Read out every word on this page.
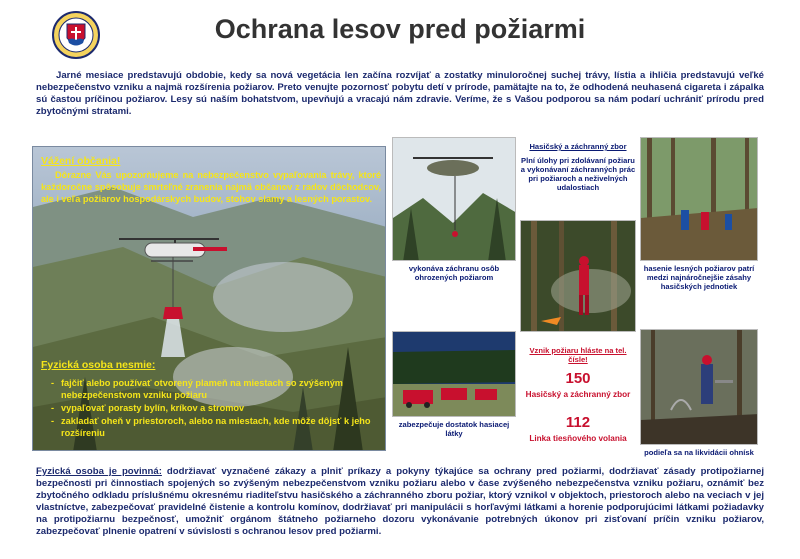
Ochrana lesov pred požiarmi

Jarné mesiace predstavujú obdobie, kedy sa nová vegetácia len začína rozvíjať a zostatky minuloročnej suchej trávy, lístia a ihličia predstavujú veľké nebezpečenstvo vzniku a najmä rozšírenia požiarov. Preto venujte pozornosť pobytu detí v prírode, pamätajte na to, že odhodená neuhasená cigareta i zápalka sú častou príčinou požiarov. Lesy sú naším bohatstvom, upevňujú a vracajú nám zdravie. Veríme, že s Vašou podporou sa nám podarí uchrániť prírodu pred zbytočnými stratami.

Vážení občania!

Dôrazne Vás upozorňujeme na nebezpečenstvo vypaľovania trávy, ktoré každoročne spôsobuje smrteľné zranenia najmä občanov z radov dôchodcov, ale i veľa požiarov hospodárskych budov, stohov slamy a lesných porastov.

Fyzická osoba nesmie:
- fajčiť alebo používať otvorený plameň na miestach so zvýšeným nebezpečenstvom vzniku požiaru
- vypaľovať porasty bylín, kríkov a stromov
- zakladať oheň v priestoroch, alebo na miestach, kde môže dôjsť k jeho rozšíreniu
vykonáva záchranu osôb ohrozených požiarom
zabezpečuje dostatok hasiacej látky
Hasičský a záchranný zbor
Plní úlohy pri zdolávaní požiaru a vykonávaní záchranných prác pri požiaroch a neživelných udalostiach
Vznik požiaru hláste na tel. čísle!
150
Hasičský a záchranný zbor
112
Linka tiesňového volania
hasenie lesných požiarov patrí medzi najnáročnejšie zásahy hasičských jednotiek
podieľa sa na likvidácii ohnísk

Fyzická osoba je povinná: dodržiavať vyznačené zákazy a plniť príkazy a pokyny týkajúce sa ochrany pred požiarmi, dodržiavať zásady protipožiarnej bezpečnosti pri činnostiach spojených so zvýšeným nebezpečenstvom vzniku požiaru alebo v čase zvýšeného nebezpečenstva vzniku požiaru, oznámiť bez zbytočného odkladu príslušnému okresnému riaditeľstvu hasičského a záchranného zboru požiar, ktorý vznikol v objektoch, priestoroch alebo na veciach v jej vlastníctve, zabezpečovať pravidelné čistenie a kontrolu komínov, dodržiavať pri manipulácii s horľavými látkami a horenie podporujúcimi látkami požiadavky na protipožiarnu bezpečnosť, umožniť orgánom štátneho požiarneho dozoru vykonávanie potrebných úkonov pri zisťovaní príčin vzniku požiarov, zabezpečovať plnenie opatrení v súvislosti s ochranou lesov pred požiarmi.
